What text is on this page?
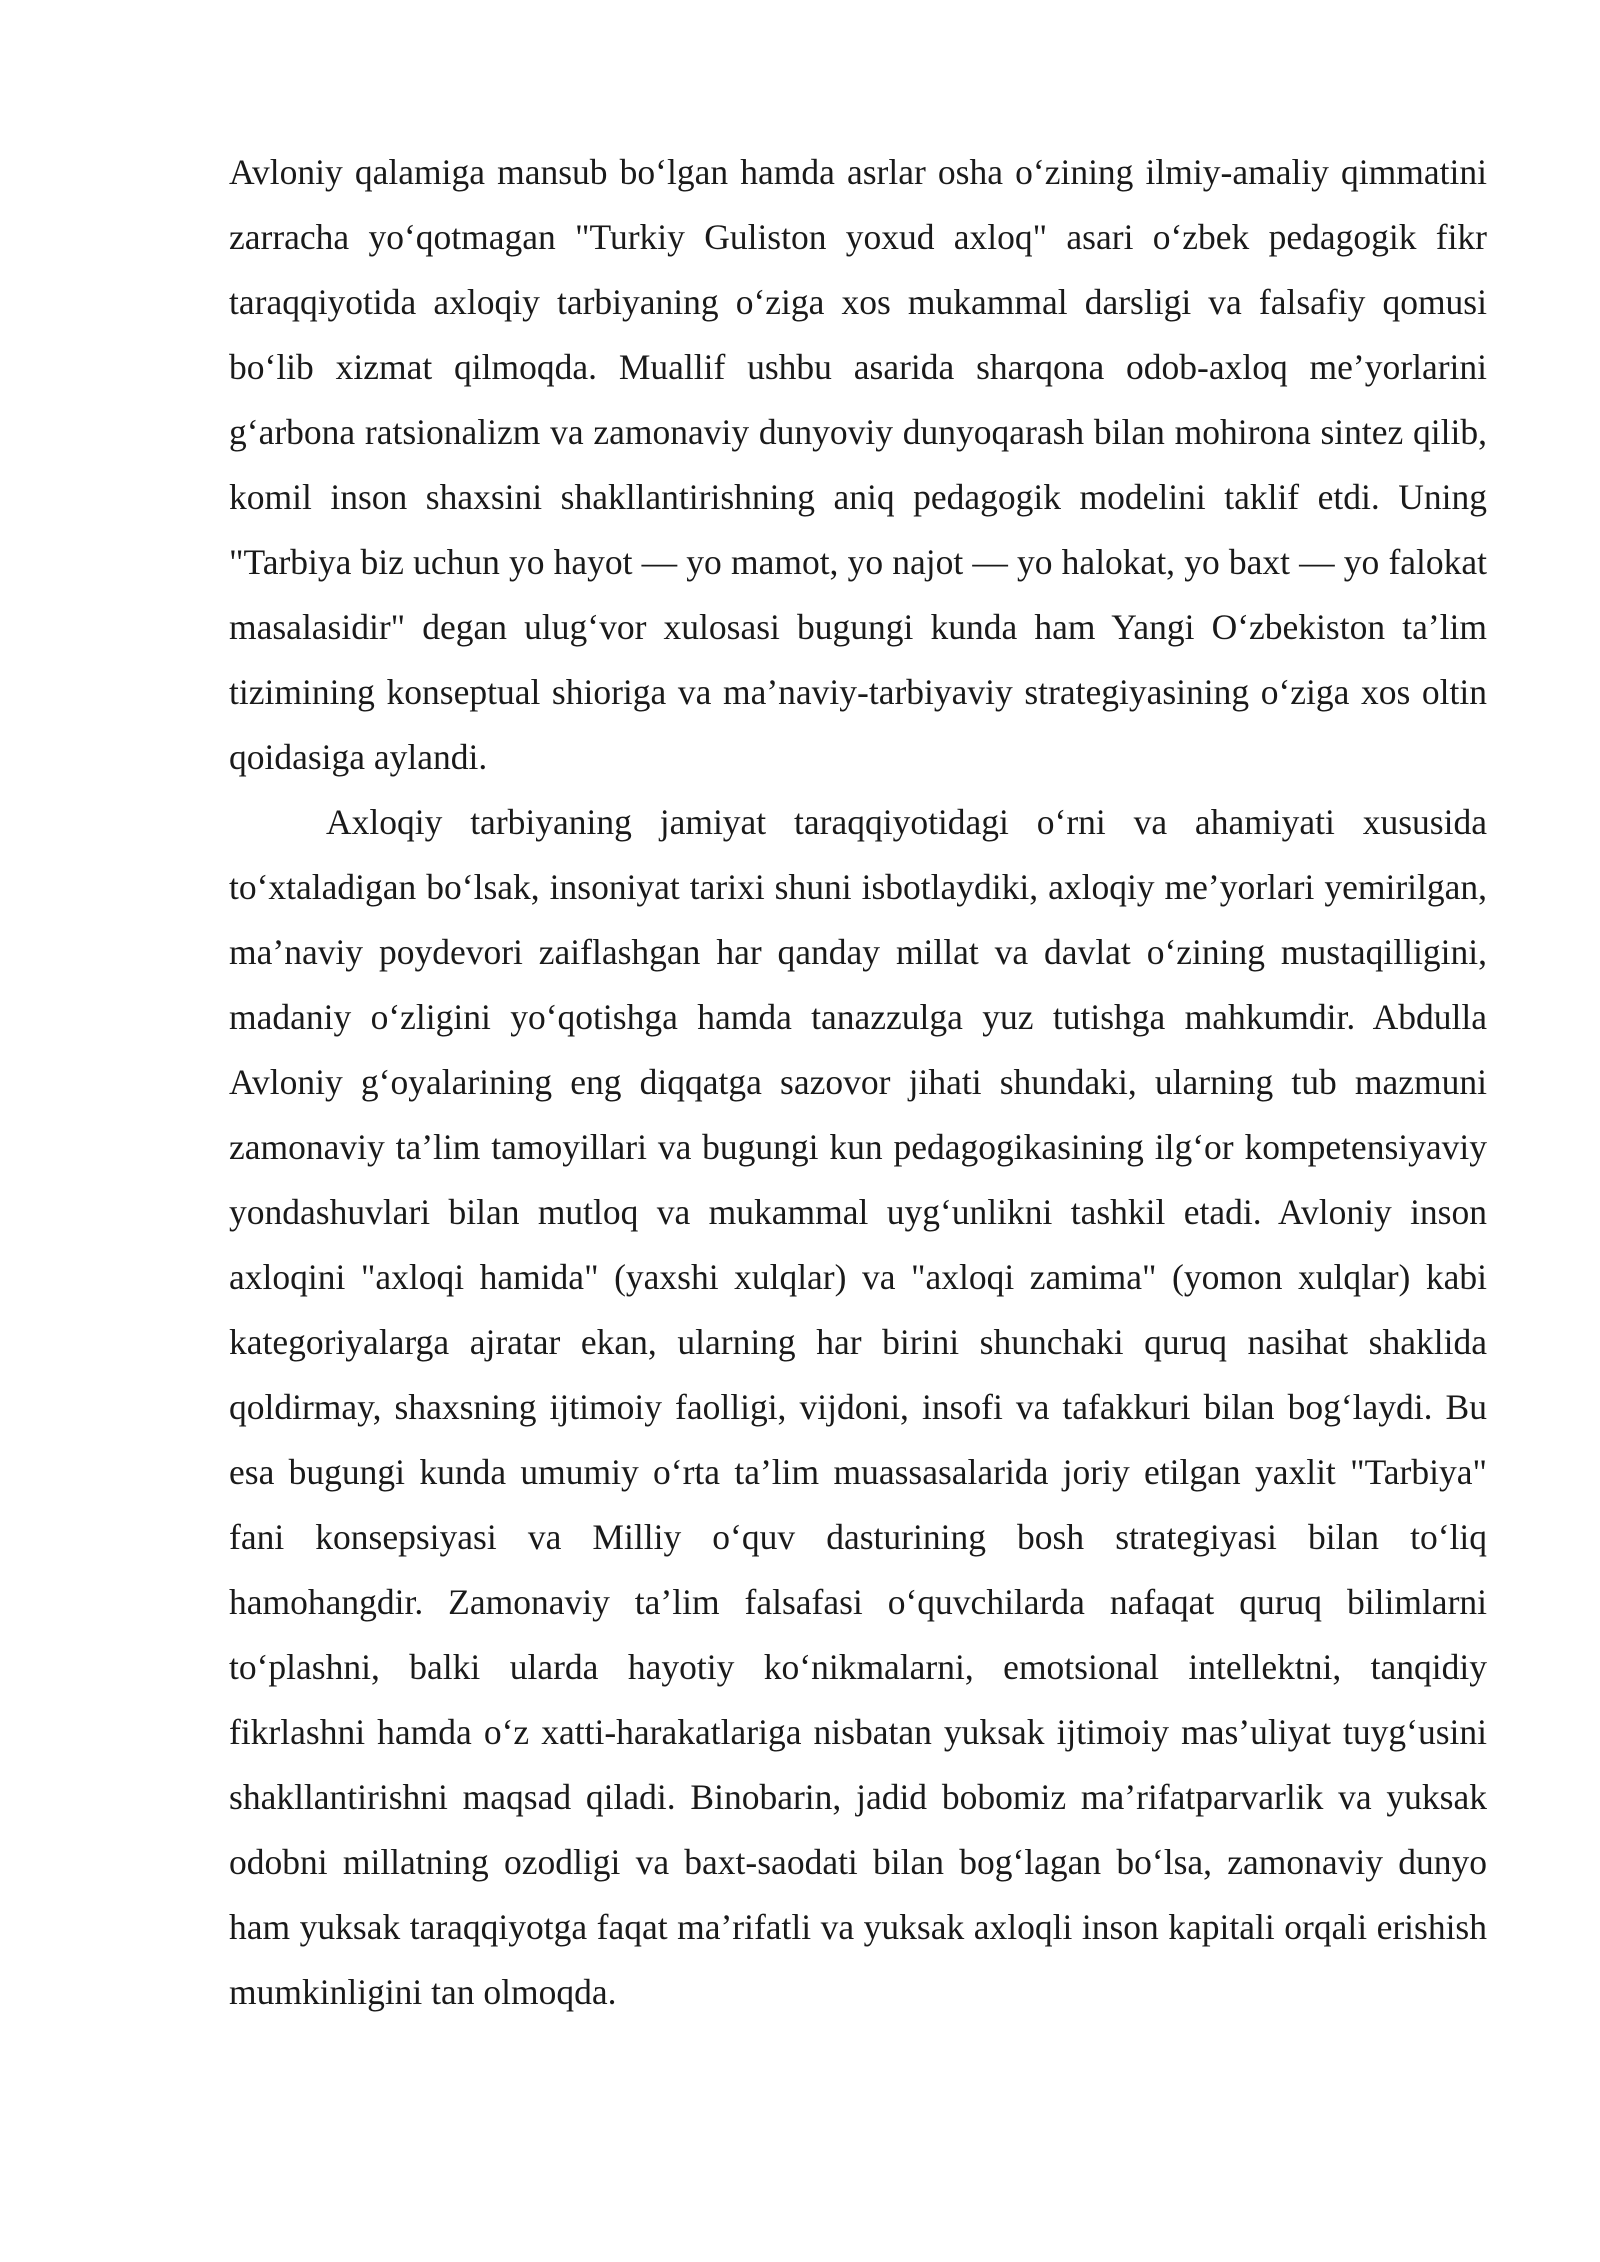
Avloniy qalamiga mansub bo‘lgan hamda asrlar osha o‘zining ilmiy-amaliy qimmatini zarracha yo‘qotmagan "Turkiy Guliston yoxud axloq" asari o‘zbek pedagogik fikr taraqqiyotida axloqiy tarbiyaning o‘ziga xos mukammal darsligi va falsafiy qomusi bo‘lib xizmat qilmoqda. Muallif ushbu asarida sharqona odob-axloq me’yorlarini g‘arbona ratsionalizm va zamonaviy dunyoviy dunyoqarash bilan mohirona sintez qilib, komil inson shaxsini shakllantirishning aniq pedagogik modelini taklif etdi. Uning "Tarbiya biz uchun yo hayot — yo mamot, yo najot — yo halokat, yo baxt — yo falokat masalasidir" degan ulug‘vor xulosasi bugungi kunda ham Yangi O‘zbekiston ta’lim tizimining konseptual shioriga va ma’naviy-tarbiyaviy strategiyasining o‘ziga xos oltin qoidasiga aylandi.

Axloqiy tarbiyaning jamiyat taraqqiyotidagi o‘rni va ahamiyati xususida to‘xtaladigan bo‘lsak, insoniyat tarixi shuni isbotlaydiki, axloqiy me’yorlari yemirilgan, ma’naviy poydevori zaiflashgan har qanday millat va davlat o‘zining mustaqilligini, madaniy o‘zligini yo‘qotishga hamda tanazzulga yuz tutishga mahkumdir. Abdulla Avloniy g‘oyalarining eng diqqatga sazovor jihati shundaki, ularning tub mazmuni zamonaviy ta’lim tamoyillari va bugungi kun pedagogikasining ilg‘or kompetensiyaviy yondashuvlari bilan mutloq va mukammal uyg‘unlikni tashkil etadi. Avloniy inson axloqini "axloqi hamida" (yaxshi xulqlar) va "axloqi zamima" (yomon xulqlar) kabi kategoriyalarga ajratar ekan, ularning har birini shunchaki quruq nasihat shaklida qoldirmay, shaxsning ijtimoiy faolligi, vijdoni, insofi va tafakkuri bilan bog‘laydi. Bu esa bugungi kunda umumiy o‘rta ta’lim muassasalarida joriy etilgan yaxlit "Tarbiya" fani konsepsiyasi va Milliy o‘quv dasturining bosh strategiyasi bilan to‘liq hamohangdir. Zamonaviy ta’lim falsafasi o‘quvchilarda nafaqat quruq bilimlarni to‘plashni, balki ularda hayotiy ko‘nikmalarni, emotsional intellektni, tanqidiy fikrlashni hamda o‘z xatti-harakatlariga nisbatan yuksak ijtimoiy mas’uliyat tuyg‘usini shakllantirishni maqsad qiladi. Binobarin, jadid bobomiz ma’rifatparvarlik va yuksak odobni millatning ozodligi va baxt-saodati bilan bog‘lagan bo‘lsa, zamonaviy dunyo ham yuksak taraqqiyotga faqat ma’rifatli va yuksak axloqli inson kapitali orqali erishish mumkinligini tan olmoqda.
